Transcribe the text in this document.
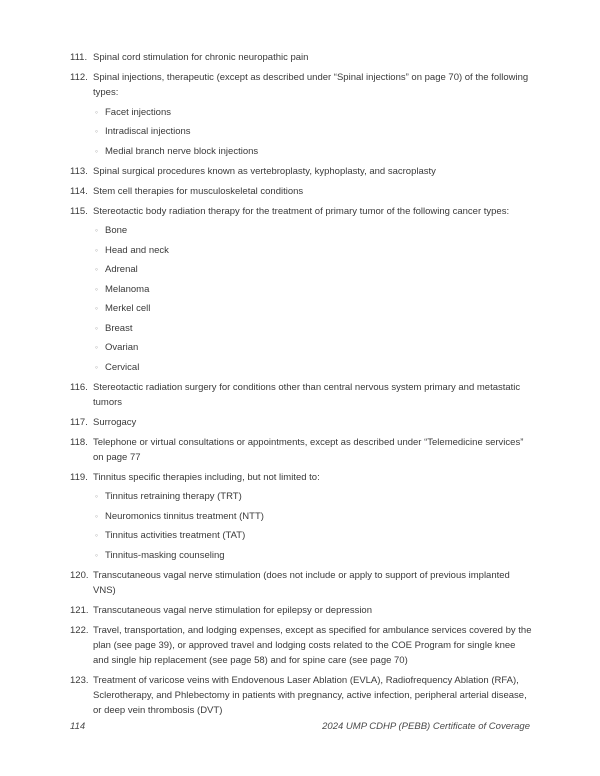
111. Spinal cord stimulation for chronic neuropathic pain
112. Spinal injections, therapeutic (except as described under “Spinal injections” on page 70) of the following types:
◦ Facet injections
◦ Intradiscal injections
◦ Medial branch nerve block injections
113. Spinal surgical procedures known as vertebroplasty, kyphoplasty, and sacroplasty
114. Stem cell therapies for musculoskeletal conditions
115. Stereotactic body radiation therapy for the treatment of primary tumor of the following cancer types:
◦ Bone
◦ Head and neck
◦ Adrenal
◦ Melanoma
◦ Merkel cell
◦ Breast
◦ Ovarian
◦ Cervical
116. Stereotactic radiation surgery for conditions other than central nervous system primary and metastatic tumors
117. Surrogacy
118. Telephone or virtual consultations or appointments, except as described under “Telemedicine services” on page 77
119. Tinnitus specific therapies including, but not limited to:
◦ Tinnitus retraining therapy (TRT)
◦ Neuromonics tinnitus treatment (NTT)
◦ Tinnitus activities treatment (TAT)
◦ Tinnitus-masking counseling
120. Transcutaneous vagal nerve stimulation (does not include or apply to support of previous implanted VNS)
121. Transcutaneous vagal nerve stimulation for epilepsy or depression
122. Travel, transportation, and lodging expenses, except as specified for ambulance services covered by the plan (see page 39), or approved travel and lodging costs related to the COE Program for single knee and single hip replacement (see page 58) and for spine care (see page 70)
123. Treatment of varicose veins with Endovenous Laser Ablation (EVLA), Radiofrequency Ablation (RFA), Sclerotherapy, and Phlebectomy in patients with pregnancy, active infection, peripheral arterial disease, or deep vein thrombosis (DVT)
114	2024 UMP CDHP (PEBB) Certificate of Coverage
